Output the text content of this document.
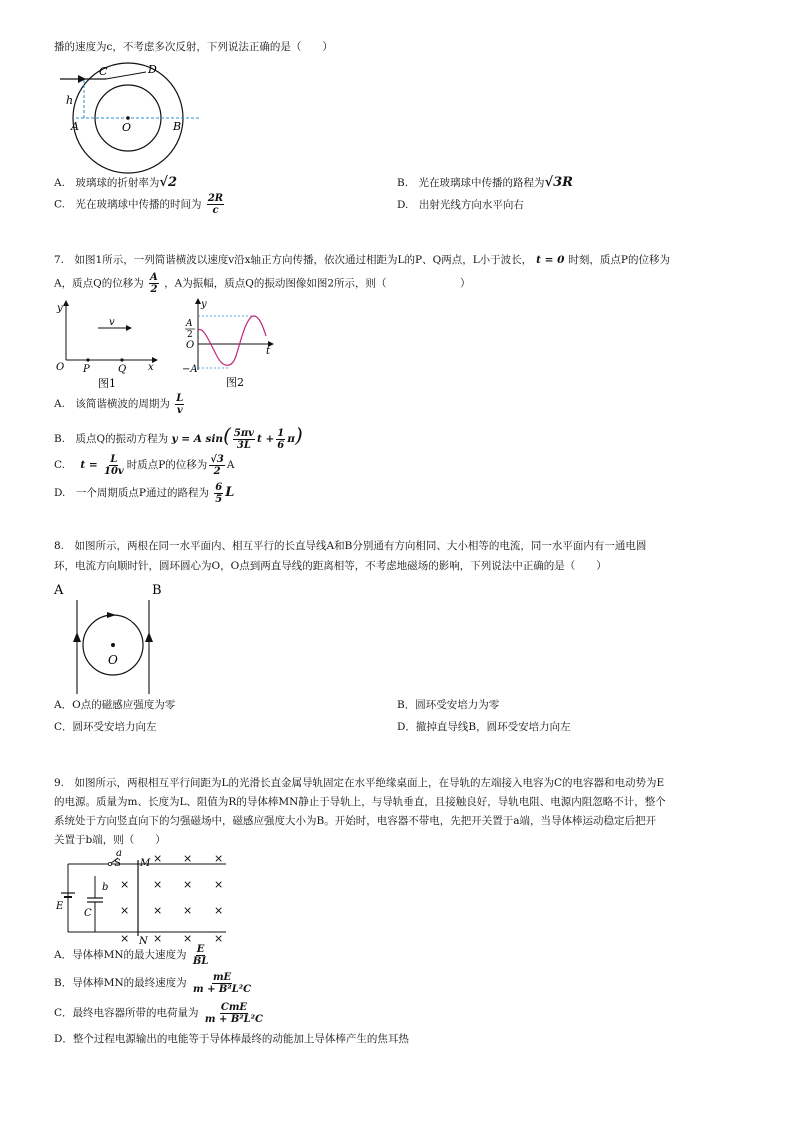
播的速度为c，不考虑多次反射，下列说法正确的是（　　）
C	D
h
A	O	B
A.　玻璃球的折射率为√2	B.　光在玻璃球中传播的路程为√3R
C.　光在玻璃球中传播的时间为 $\frac{2R}{c}$	D.　出射光线方向水平向右
7.　如图1所示，一列简谐横波以速度v沿x轴正方向传播，依次通过相距为L的P、Q两点，L小于波长， t = 0 时刻，质点P的位移为
A，质点Q的位移为 $\frac{A}{2}$ ，A为振幅，质点Q的振动图像如图2所示，则（　　　　　　　）
y
v
O P	Q x
图1
y
A
2
O
t
−A
图2
A.　该简谐横波的周期为 $\frac{L}{v}$
B.　质点Q的振动方程为 y = A $\sin( \frac{5\pi v}{3L}$ $t + \frac{1}{6} \pi$)
C. $t = \frac{L}{10v}$ 时质点P的位移为 $\frac{√3}{2}$ A
D.　一个周期质点P通过的路程为 $\frac{6}{5}$ L
8.　如图所示，两根在同一水平面内、相互平行的长直导线A和B分别通有方向相同、大小相等的电流，同一水平面内有一通电圆
环，电流方向顺时针，圆环圆心为O，O点到两直导线的距离相等，不考虑地磁场的影响，下列说法中正确的是（　　）
A	B
O
A．O点的磁感应强度为零	B．圆环受安培力为零
C．圆环受安培力向左	D．撤掉直导线B，圆环受安培力向左
9.　如图所示，两根相互平行间距为L的光滑长直金属导轨固定在水平绝缘桌面上，在导轨的左端接入电容为C的电容器和电动势为E
的电源。质量为m、长度为L、阻值为R的导体棒MN静止于导轨上，与导轨垂直，且接触良好，导轨电阻、电源内阻忽略不计，整个
系统处于方向竖直向下的匀强磁场中，磁感应强度大小为B。开始时，电容器不带电，先把开关置于a端，当导体棒运动稳定后把开
关置于b端，则（　　）
a
S M
b
E
C
N
× × ×
× × × ×
× × × ×
× × × ×
A．导体棒MN的最大速度为 $\frac{E}{BL}$
B．导体棒MN的最终速度为 $\frac{mE}{\text{m + B²L²C}}$
C．最终电容器所带的电荷量为 $\frac{\text{CmE}}{\text{m + B²L²C}}$
D．整个过程电源输出的电能等于导体棒最终的动能加上导体棒产生的焦耳热
